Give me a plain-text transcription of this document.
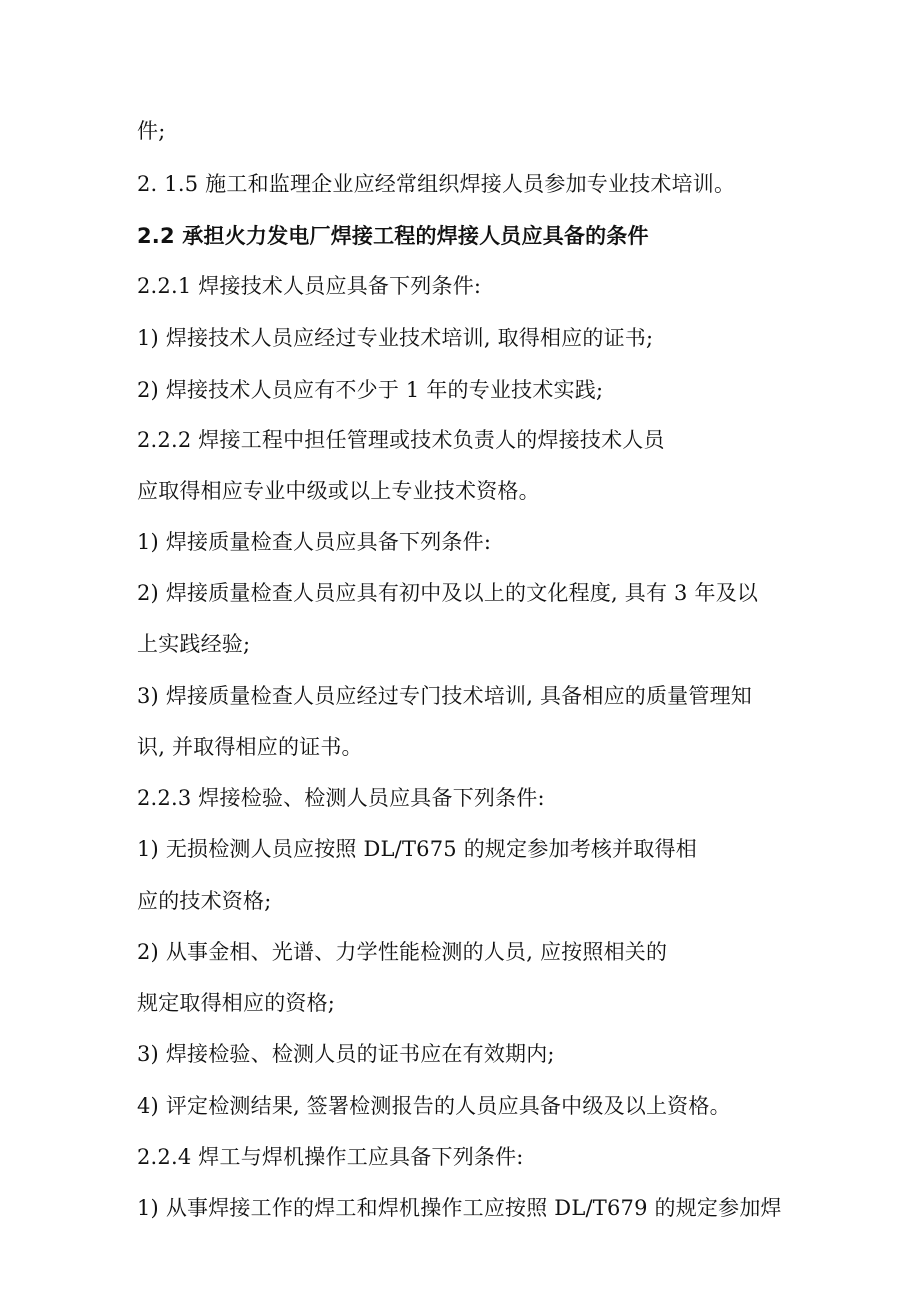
件;
2. 1.5 施工和监理企业应经常组织焊接人员参加专业技术培训。
2.2 承担火力发电厂焊接工程的焊接人员应具备的条件
2.2.1 焊接技术人员应具备下列条件:
1) 焊接技术人员应经过专业技术培训, 取得相应的证书;
2) 焊接技术人员应有不少于 1 年的专业技术实践;
2.2.2 焊接工程中担任管理或技术负责人的焊接技术人员
应取得相应专业中级或以上专业技术资格。
1) 焊接质量检查人员应具备下列条件:
2) 焊接质量检查人员应具有初中及以上的文化程度, 具有 3 年及以
上实践经验;
3) 焊接质量检查人员应经过专门技术培训, 具备相应的质量管理知
识, 并取得相应的证书。
2.2.3 焊接检验、检测人员应具备下列条件:
1) 无损检测人员应按照 DL/T675 的规定参加考核并取得相
应的技术资格;
2) 从事金相、光谱、力学性能检测的人员, 应按照相关的
规定取得相应的资格;
3) 焊接检验、检测人员的证书应在有效期内;
4) 评定检测结果, 签署检测报告的人员应具备中级及以上资格。
2.2.4 焊工与焊机操作工应具备下列条件:
1) 从事焊接工作的焊工和焊机操作工应按照 DL/T679 的规定参加焊
